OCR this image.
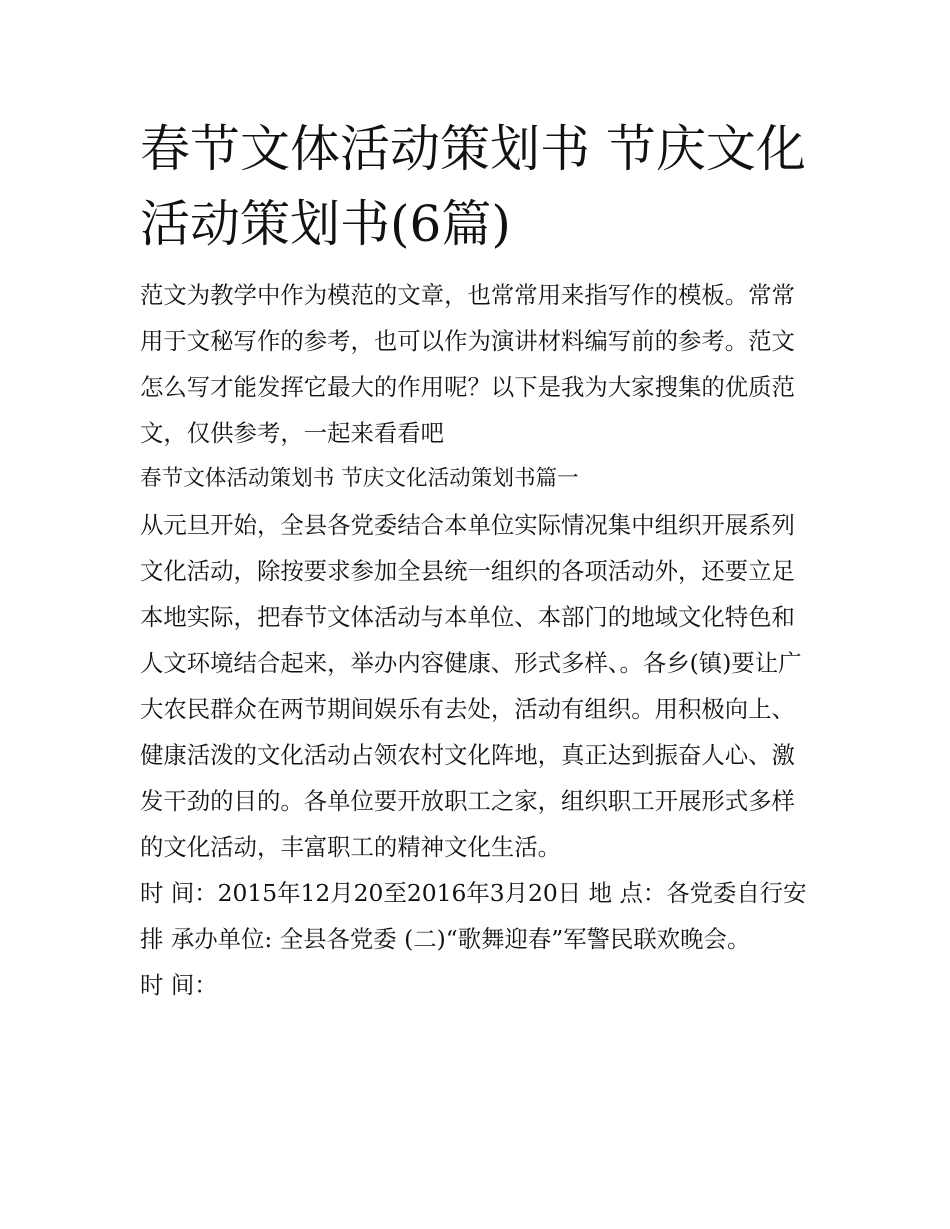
春节文体活动策划书 节庆文化活动策划书(6篇)

范文为教学中作为模范的文章，也常常用来指写作的模板。常常用于文秘写作的参考，也可以作为演讲材料编写前的参考。范文怎么写才能发挥它最大的作用呢？以下是我为大家搜集的优质范文，仅供参考，一起来看看吧

春节文体活动策划书 节庆文化活动策划书篇一

从元旦开始，全县各党委结合本单位实际情况集中组织开展系列文化活动，除按要求参加全县统一组织的各项活动外，还要立足本地实际，把春节文体活动与本单位、本部门的地域文化特色和人文环境结合起来，举办内容健康、形式多样、。各乡(镇)要让广大农民群众在两节期间娱乐有去处，活动有组织。用积极向上、健康活泼的文化活动占领农村文化阵地，真正达到振奋人心、激发干劲的目的。各单位要开放职工之家，组织职工开展形式多样的文化活动，丰富职工的精神文化生活。

时 间：2015年12月20至2016年3月20日 地 点：各党委自行安排 承办单位: 全县各党委 (二)“歌舞迎春”军警民联欢晚会。

时 间：
